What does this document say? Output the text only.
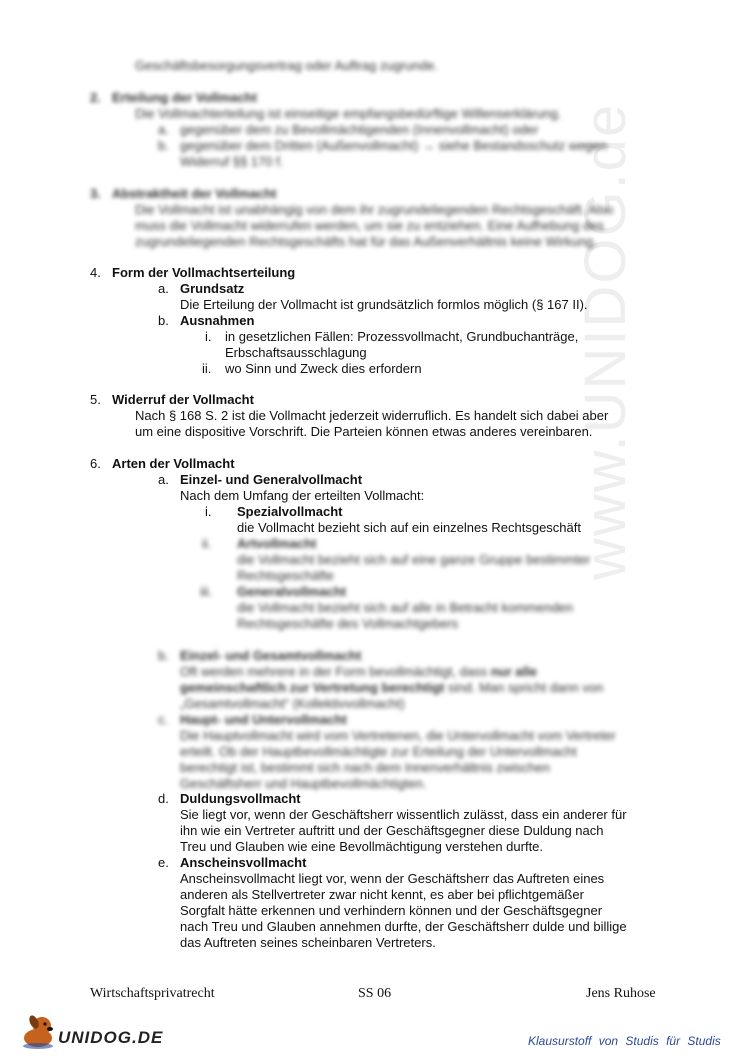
www.UNIDOG.de
Geschäftsbesorgungsvertrag oder Auftrag zugrunde.
2. Erteilung der Vollmacht
Die Vollmachterteilung ist einseitige empfangsbedürftige Willenserklärung.
a. gegenüber dem zu Bevollmächtigenden (Innenvollmacht) oder
b. gegenüber dem Dritten (Außenvollmacht) → siehe Bestandsschutz wegen
Widerruf §§ 170 f.
3. Abstraktheit der Vollmacht
Die Vollmacht ist unabhängig von dem ihr zugrundeliegenden Rechtsgeschäft. Also
muss die Vollmacht widerrufen werden, um sie zu entziehen. Eine Aufhebung des
zugrundeliegenden Rechtsgeschäfts hat für das Außenverhältnis keine Wirkung.
4. Form der Vollmachtserteilung
a. Grundsatz
Die Erteilung der Vollmacht ist grundsätzlich formlos möglich (§ 167 II).
b. Ausnahmen
i. in gesetzlichen Fällen: Prozessvollmacht, Grundbuchanträge,
Erbschaftsausschlagung
ii. wo Sinn und Zweck dies erfordern
5. Widerruf der Vollmacht
Nach § 168 S. 2 ist die Vollmacht jederzeit widerruflich. Es handelt sich dabei aber
um eine dispositive Vorschrift. Die Parteien können etwas anderes vereinbaren.
6. Arten der Vollmacht
a. Einzel- und Generalvollmacht
Nach dem Umfang der erteilten Vollmacht:
i. Spezialvollmacht
die Vollmacht bezieht sich auf ein einzelnes Rechtsgeschäft
ii. Artvollmacht
die Vollmacht bezieht sich auf eine ganze Gruppe bestimmter
Rechtsgeschäfte
iii. Generalvollmacht
die Vollmacht bezieht sich auf alle in Betracht kommenden
Rechtsgeschäfte des Vollmachtgebers
b. Einzel- und Gesamtvollmacht
Oft werden mehrere in der Form bevollmächtigt, dass nur alle
gemeinschaftlich zur Vertretung berechtigt sind. Man spricht dann von
„Gesamtvollmacht“ (Kollektivvollmacht)
c. Haupt- und Untervollmacht
Die Hauptvollmacht wird vom Vertretenen, die Untervollmacht vom Vertreter
erteilt. Ob der Hauptbevollmächtigte zur Erteilung der Untervollmacht
berechtigt ist, bestimmt sich nach dem Innenverhältnis zwischen
Geschäftsherr und Hauptbevollmächtigten.
d. Duldungsvollmacht
Sie liegt vor, wenn der Geschäftsherr wissentlich zulässt, dass ein anderer für
ihn wie ein Vertreter auftritt und der Geschäftsgegner diese Duldung nach
Treu und Glauben wie eine Bevollmächtigung verstehen durfte.
e. Anscheinsvollmacht
Anscheinsvollmacht liegt vor, wenn der Geschäftsherr das Auftreten eines
anderen als Stellvertreter zwar nicht kennt, es aber bei pflichtgemäßer
Sorgfalt hätte erkennen und verhindern können und der Geschäftsgegner
nach Treu und Glauben annehmen durfte, der Geschäftsherr dulde und billige
das Auftreten seines scheinbaren Vertreters.
Wirtschaftsprivatrecht	SS 06	Jens Ruhose
UNIDOG.DE	Klausurstoff von Studis für Studis
